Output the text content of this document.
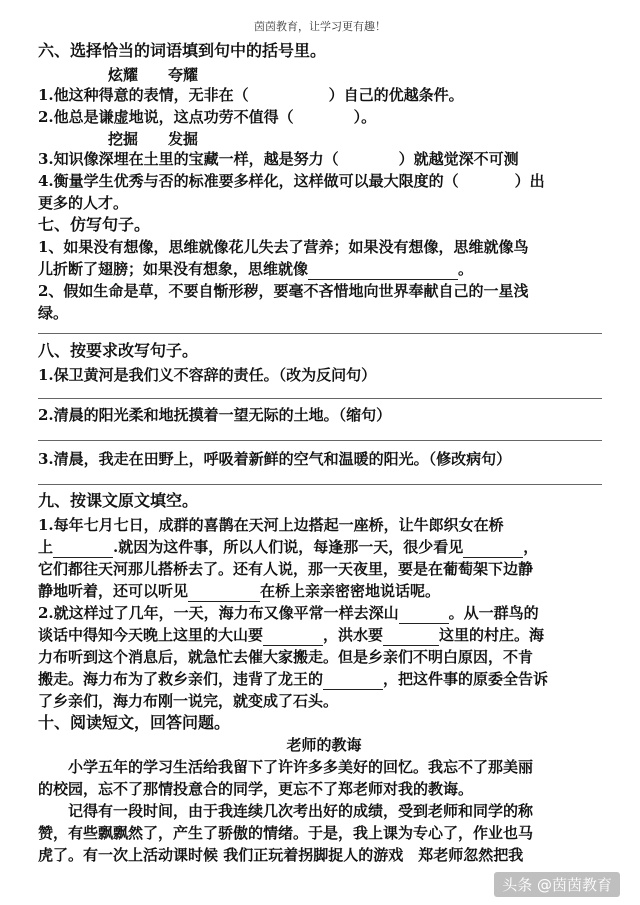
茵茵教育，让学习更有趣！
六、选择恰当的词语填到句中的括号里。
炫耀　　夸耀
1.他这种得意的表情，无非在（	）自己的优越条件。
2.他总是谦虚地说，这点功劳不值得（	）。
挖掘　　发掘
3.知识像深埋在土里的宝藏一样，越是努力（	）就越觉深不可测
4.衡量学生优秀与否的标准要多样化，这样做可以最大限度的（	）出
更多的人才。
七、仿写句子。
1、如果没有想像，思维就像花儿失去了营养；如果没有想像，思维就像鸟
儿折断了翅膀；如果没有想象，思维就像	。
2、假如生命是草，不要自惭形秽，要毫不吝惜地向世界奉献自己的一星浅
绿。
八、按要求改写句子。
1.保卫黄河是我们义不容辞的责任。（改为反问句）
2.清晨的阳光柔和地抚摸着一望无际的土地。（缩句）
3.清晨，我走在田野上，呼吸着新鲜的空气和温暖的阳光。（修改病句）
九、按课文原文填空。
1.每年七月七日，成群的喜鹊在天河上边搭起一座桥，让牛郎织女在桥
上	.就因为这件事，所以人们说，每逢那一天，很少看见	，
它们都往天河那儿搭桥去了。还有人说，那一天夜里，要是在葡萄架下边静
静地听着，还可以听见	在桥上亲亲密密地说话呢。
2.就这样过了几年，一天，海力布又像平常一样去深山	。从一群鸟的
谈话中得知今天晚上这里的大山要	，洪水要	这里的村庄。海
力布听到这个消息后，就急忙去催大家搬走。但是乡亲们不明白原因，不肯
搬走。海力布为了救乡亲们，违背了龙王的	，把这件事的原委全告诉
了乡亲们，海力布刚一说完，就变成了石头。
十、阅读短文，回答问题。
老师的教诲
小学五年的学习生活给我留下了许许多多美好的回忆。我忘不了那美丽
的校园，忘不了那情投意合的同学，更忘不了郑老师对我的教诲。
记得有一段时间，由于我连续几次考出好的成绩，受到老师和同学的称
赞，有些飘飘然了，产生了骄傲的情绪。于是，我上课为专心了，作业也马
虎了。有一次上活动课时候 我们正玩着拐脚捉人的游戏　郑老师忽然把我
头条 @茵茵教育
